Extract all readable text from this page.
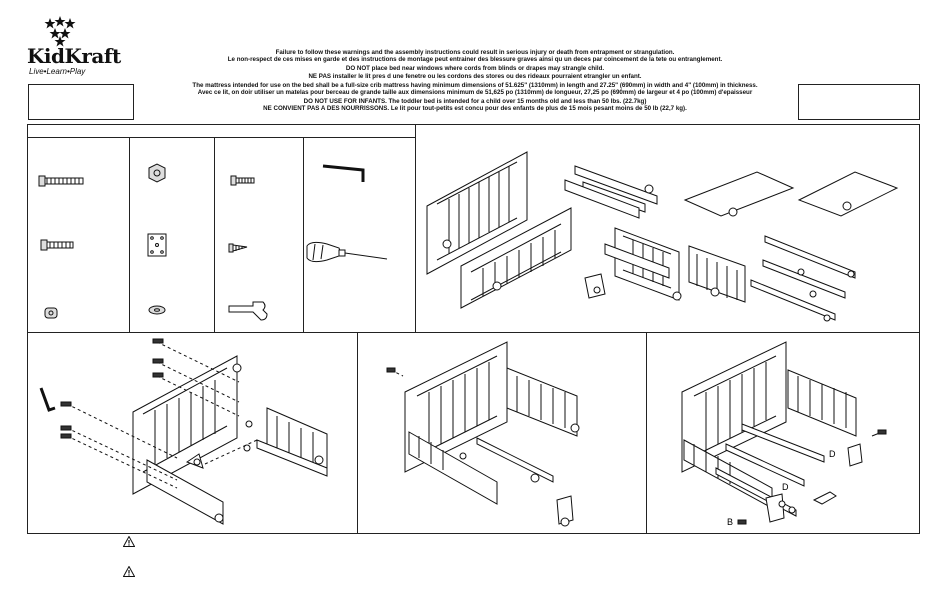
KidKraft
Live•Learn•Play
Failure to follow these warnings and the assembly instructions could result in serious injury or death from entrapment or strangulation.
Le non-respect de ces mises en garde et des instructions de montage peut entrainer des blessure graves ainsi qu un deces par coincement de la tete ou entranglement.
DO NOT place bed near windows where cords from blinds or drapes may strangle child.
NE PAS installer le lit pres d une fenetre ou les cordons des stores ou des rideaux pourraient etrangler un enfant.
The mattress intended for use on the bed shall be a full-size crib mattress having minimum dimensions of 51.625" (1310mm) in length and 27.25" (690mm) in width and 4" (100mm) in thickness.
Avec ce lit, on doir utiliser un matelas pour berceau de grande taille aux dimensions minimum de 51,625 po (1310mm) de longueur, 27,25 po (690mm) de largeur et 4 po (100mm) d'epaisseur
DO NOT USE FOR INFANTS. The toddler bed is intended for a child over 15 months old and less than 50 lbs. (22.7kg)
NE CONVIENT PAS A DES NOURRISSONS. Le lit pour tout-petits est concu pour des enfants de plus de 15 mois pesant moins de 50 lb (22,7 kg).
D
D
B
